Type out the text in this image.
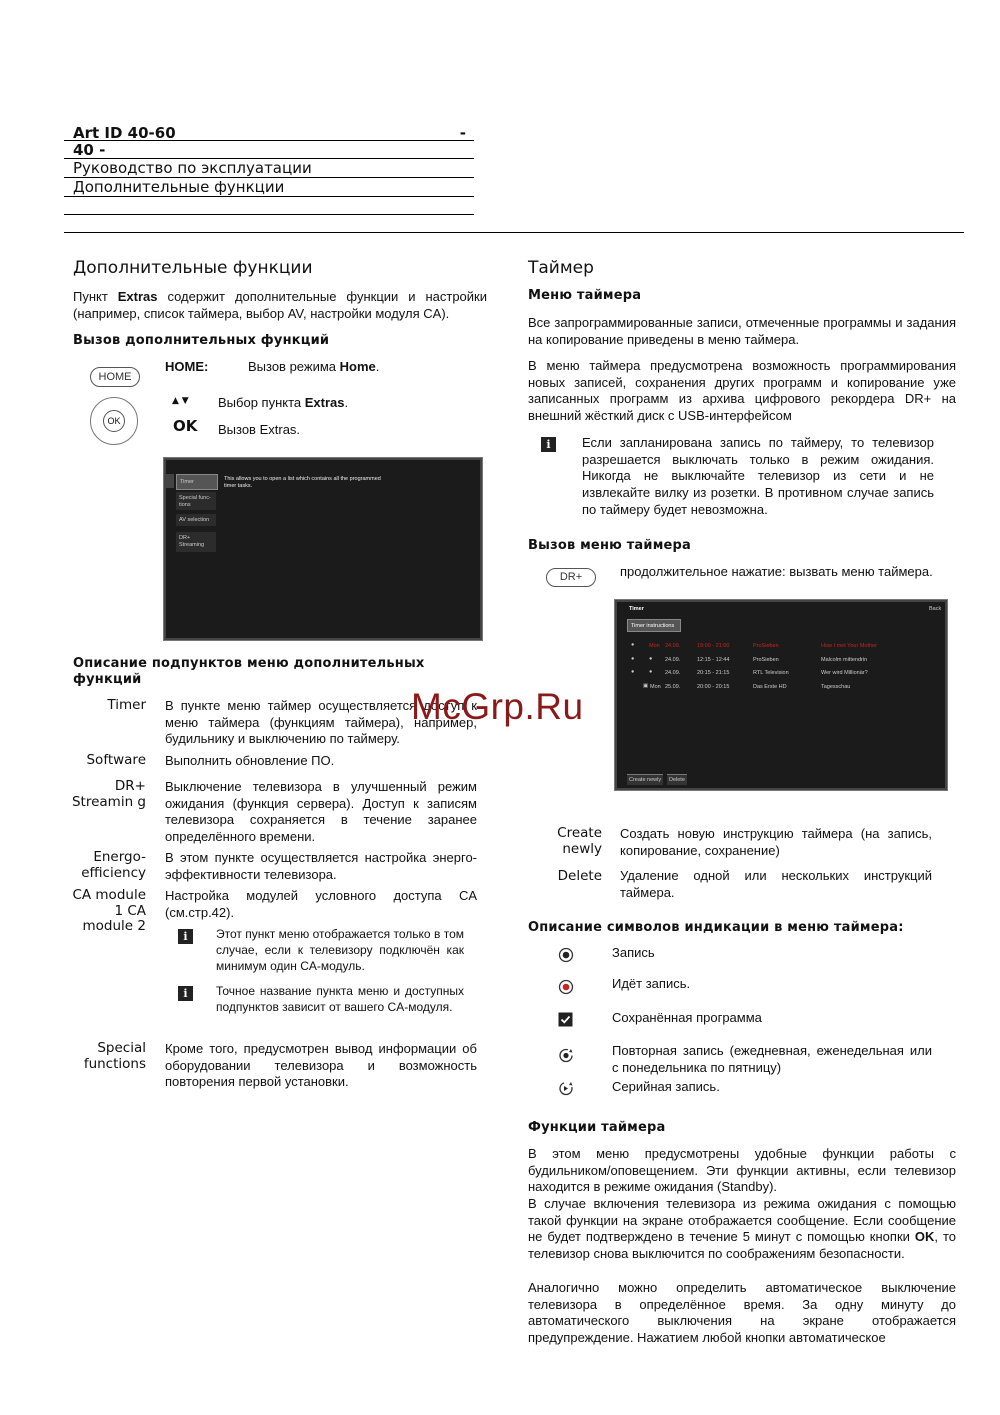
Art ID 40-60	-
40 -
Руководство по эксплуатации
Дополнительные функции
Дополнительные функции
Пункт Extras содержит дополнительные функции и настройки (например, список таймера, выбор AV, настройки модуля CA).
Вызов дополнительных функций
HOME
HOME:	Вызов режима Home.
OK
▲ ▼ Выбор пункта Extras.
OK Вызов Extras.
Timer
Special func-tions
AV selection
DR+ Streaming
This allows you to open a list which contains all the programmed timer tasks.
Описание подпунктов меню дополнительных функций
Timer В пункте меню таймер осуществляется доступ к меню таймера (функциям таймера), например, будильнику и выключению по таймеру.
Software Выполнить обновление ПО.
DR+ Streamin g
Выключение телевизора в улучшенный режим ожидания (функция сервера). Доступ к записям телевизора сохраняется в течение заранее определённого времени.
Energo-efficiency
В этом пункте осуществляется настройка энерго-эффективности телевизора.
CA module 1 CA module 2
Настройка модулей условного доступа CA (см.стр.42).
i	Этот пункт меню отображается только в том случае, если к телевизору подключён как минимум один CA-модуль.
i	Точное название пункта меню и доступных подпунктов зависит от вашего CA-модуля.
Special functions
Кроме того, предусмотрен вывод информации об оборудовании телевизора и возможность повторения первой установки.
Таймер
Меню таймера
Все запрограммированные записи, отмеченные программы и задания на копирование приведены в меню таймера.
В меню таймера предусмотрена возможность программирования новых записей, сохранения других программ и копирование уже записанных программ из архива цифрового рекордера DR+ на внешний жёсткий диск с USB-интерфейсом
i	Если запланирована запись по таймеру, то телевизор разрешается выключать только в режим ожидания. Никогда не выключайте телевизор из сети и не извлекайте вилку из розетки. В противном случае запись по таймеру будет невозможна.
Вызов меню таймера
DR+	продолжительное нажатие: вызвать меню таймера.
Timer	Back
Timer instructions
●	Mon 24.09.	19:00 - 21:00	ProSieben	How I met Your Mother
●	● 24.09.	12:15 - 12:44	ProSieben	Malcolm mittendrin
●	● 24.09.	20:15 - 21:15	RTL Television	Wer wird Millionär?
▣ Mon 25.09.	20:00 - 20:15	Das Erste HD	Tagesschau
Create newly Delete
Create newly
Создать новую инструкцию таймера (на запись, копирование, сохранение)
Delete Удаление одной или нескольких инструкций таймера.
Описание символов индикации в меню таймера:
Запись
Идёт запись.
Сохранённая программа
Повторная запись (ежедневная, еженедельная или с понедельника по пятницу)
Серийная запись.
Функции таймера
В этом меню предусмотрены удобные функции работы с будильником/оповещением. Эти функции активны, если телевизор находится в режиме ожидания (Standby).
В случае включения телевизора из режима ожидания с помощью такой функции на экране отображается сообщение. Если сообщение не будет подтверждено в течение 5 минут с помощью кнопки OK, то телевизор снова выключится по соображениям безопасности.
Аналогично можно определить автоматическое выключение телевизора в определённое время. За одну минуту до автоматического выключения на экране отображается предупреждение. Нажатием любой кнопки автоматическое
McGrp.Ru
